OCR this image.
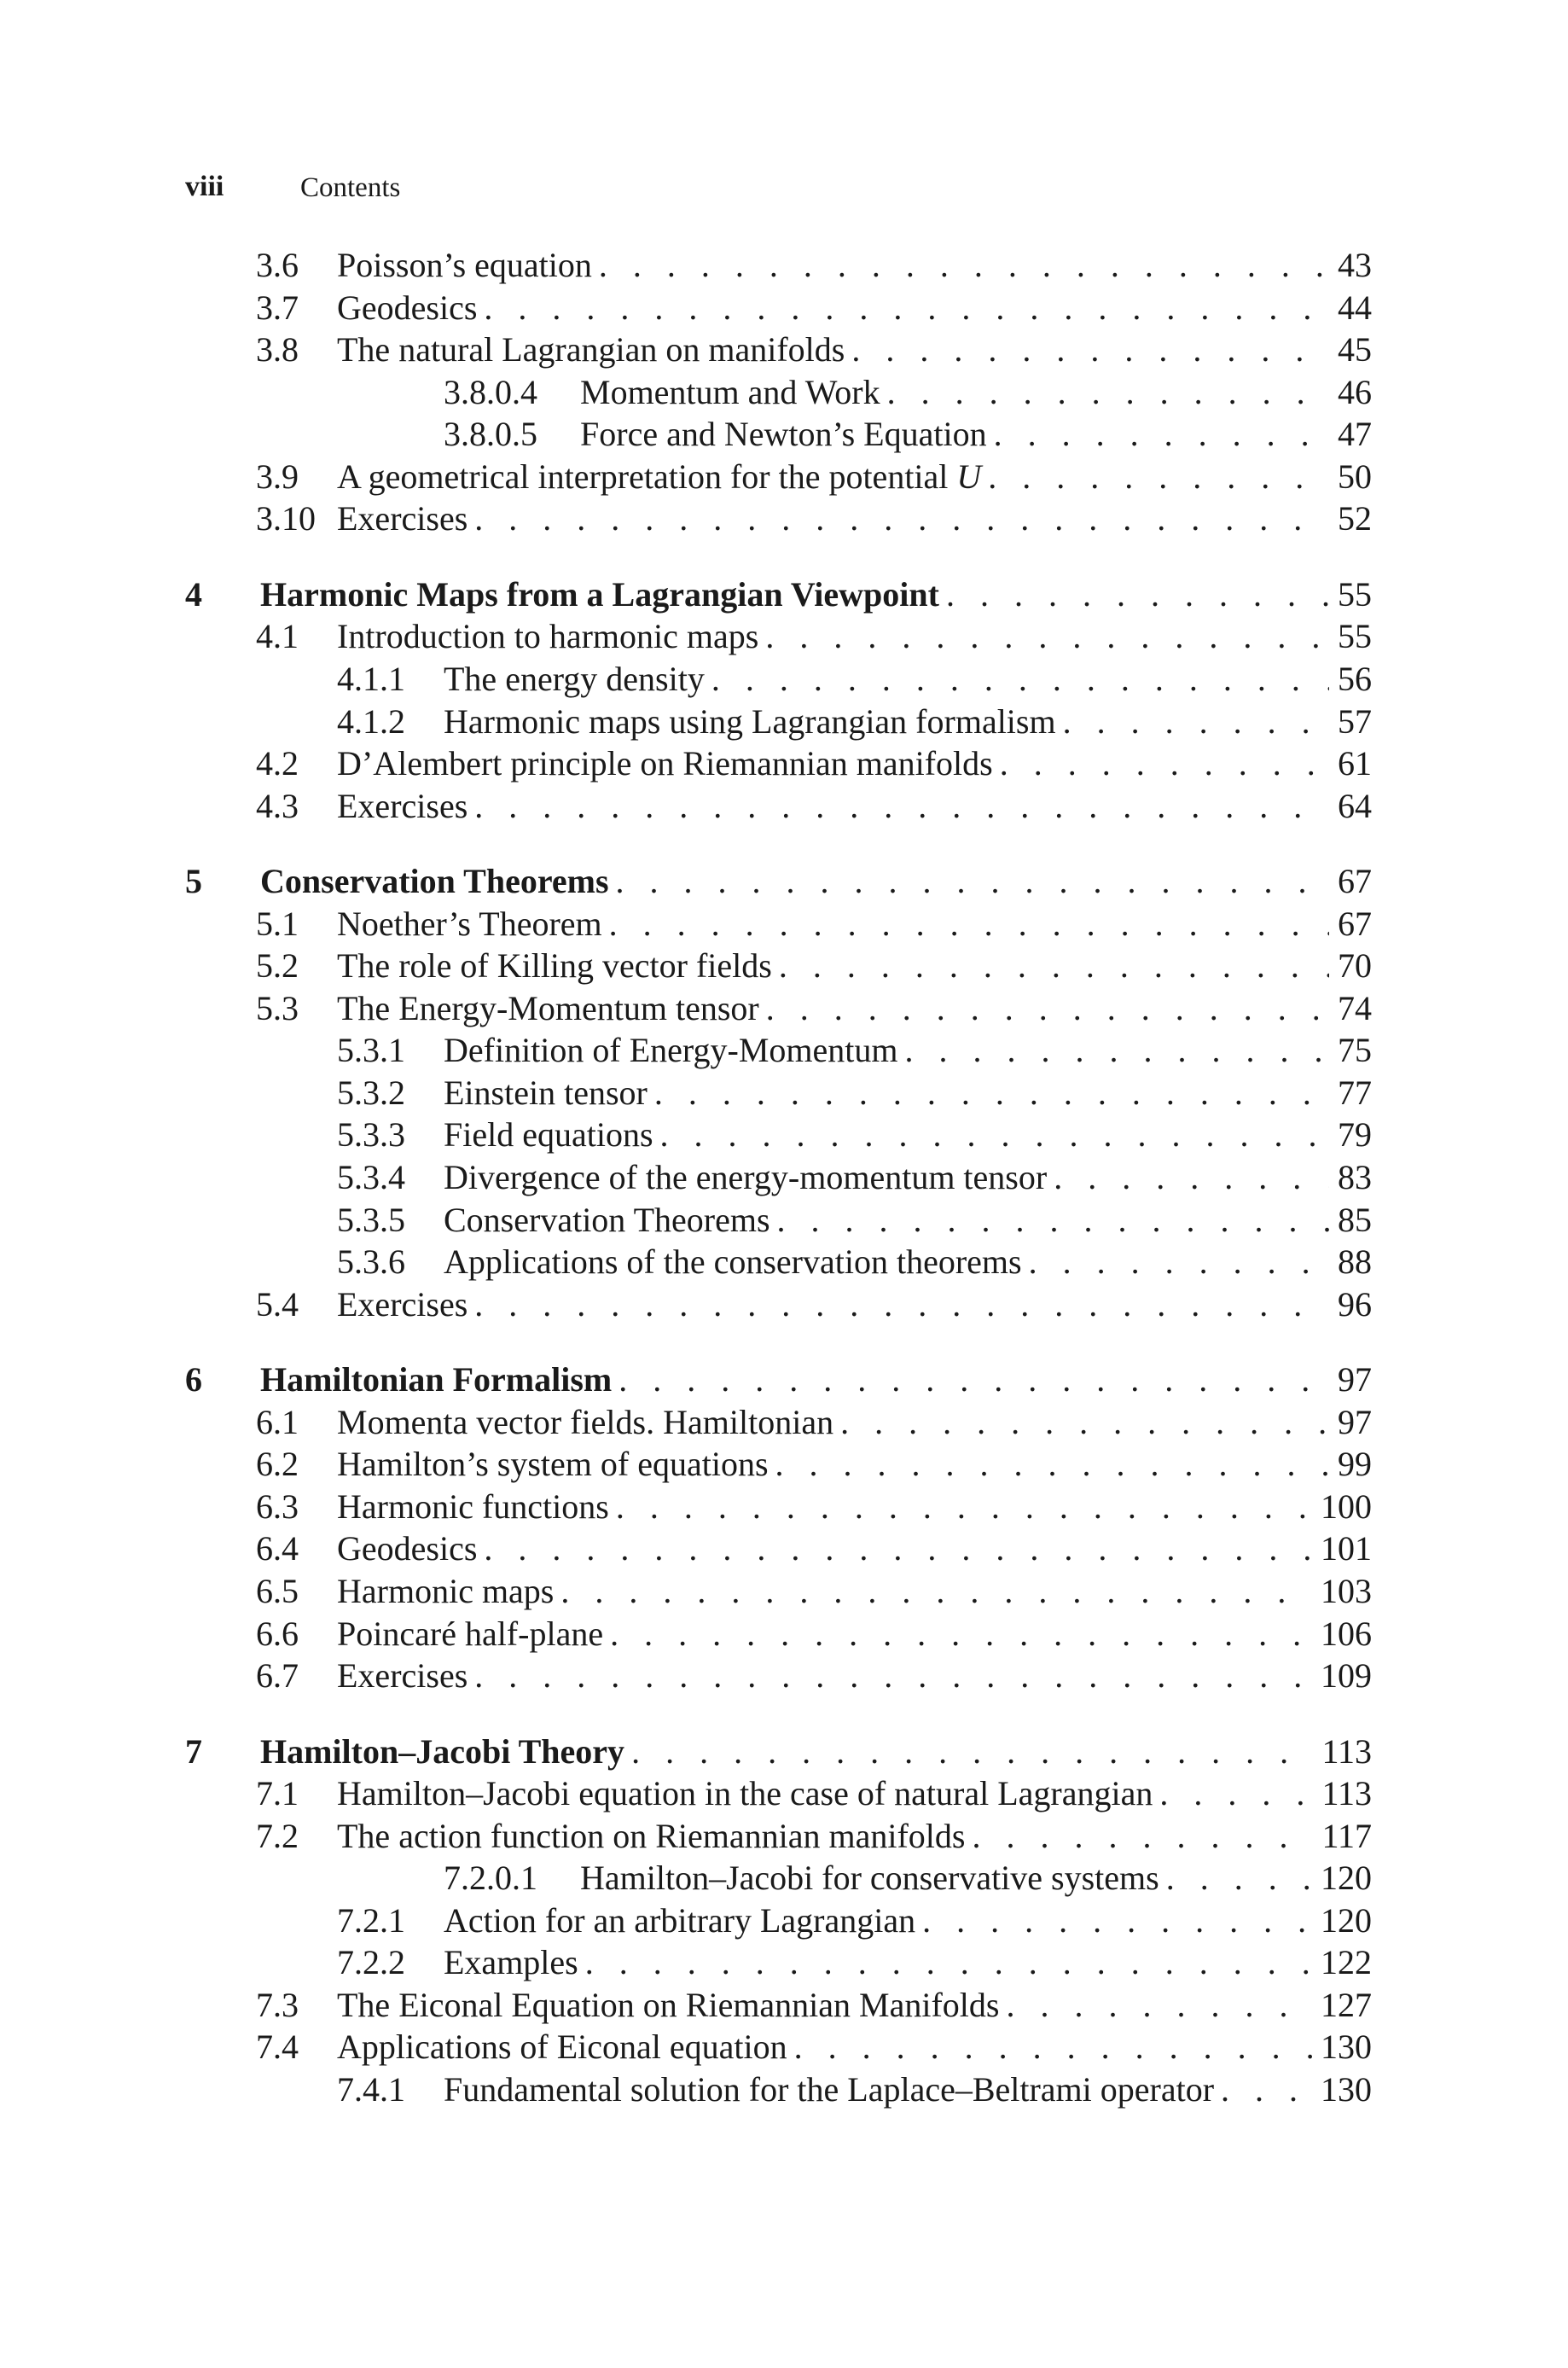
viii	Contents
3.6 Poisson’s equation . . .	43
3.7 Geodesics . . .	44
3.8 The natural Lagrangian on manifolds . . .	45
3.8.0.4 Momentum and Work . . .	46
3.8.0.5 Force and Newton’s Equation . . .	47
3.9 A geometrical interpretation for the potential U . . .	50
3.10 Exercises . . .	52
4 Harmonic Maps from a Lagrangian Viewpoint . . .	55
4.1 Introduction to harmonic maps . . .	55
4.1.1 The energy density . . .	56
4.1.2 Harmonic maps using Lagrangian formalism . . .	57
4.2 D’Alembert principle on Riemannian manifolds . . .	61
4.3 Exercises . . .	64
5 Conservation Theorems . . .	67
5.1 Noether’s Theorem . . .	67
5.2 The role of Killing vector fields . . .	70
5.3 The Energy-Momentum tensor . . .	74
5.3.1 Definition of Energy-Momentum . . .	75
5.3.2 Einstein tensor . . .	77
5.3.3 Field equations . . .	79
5.3.4 Divergence of the energy-momentum tensor . . .	83
5.3.5 Conservation Theorems . . .	85
5.3.6 Applications of the conservation theorems . . .	88
5.4 Exercises . . .	96
6 Hamiltonian Formalism . . .	97
6.1 Momenta vector fields. Hamiltonian . . .	97
6.2 Hamilton’s system of equations . . .	99
6.3 Harmonic functions . . .	100
6.4 Geodesics . . .	101
6.5 Harmonic maps . . .	103
6.6 Poincaré half-plane . . .	106
6.7 Exercises . . .	109
7 Hamilton–Jacobi Theory . . .	113
7.1 Hamilton–Jacobi equation in the case of natural Lagrangian . . .	113
7.2 The action function on Riemannian manifolds . . .	117
7.2.0.1 Hamilton–Jacobi for conservative systems . . .	120
7.2.1 Action for an arbitrary Lagrangian . . .	120
7.2.2 Examples . . .	122
7.3 The Eiconal Equation on Riemannian Manifolds . . .	127
7.4 Applications of Eiconal equation . . .	130
7.4.1 Fundamental solution for the Laplace–Beltrami operator . . .	130
